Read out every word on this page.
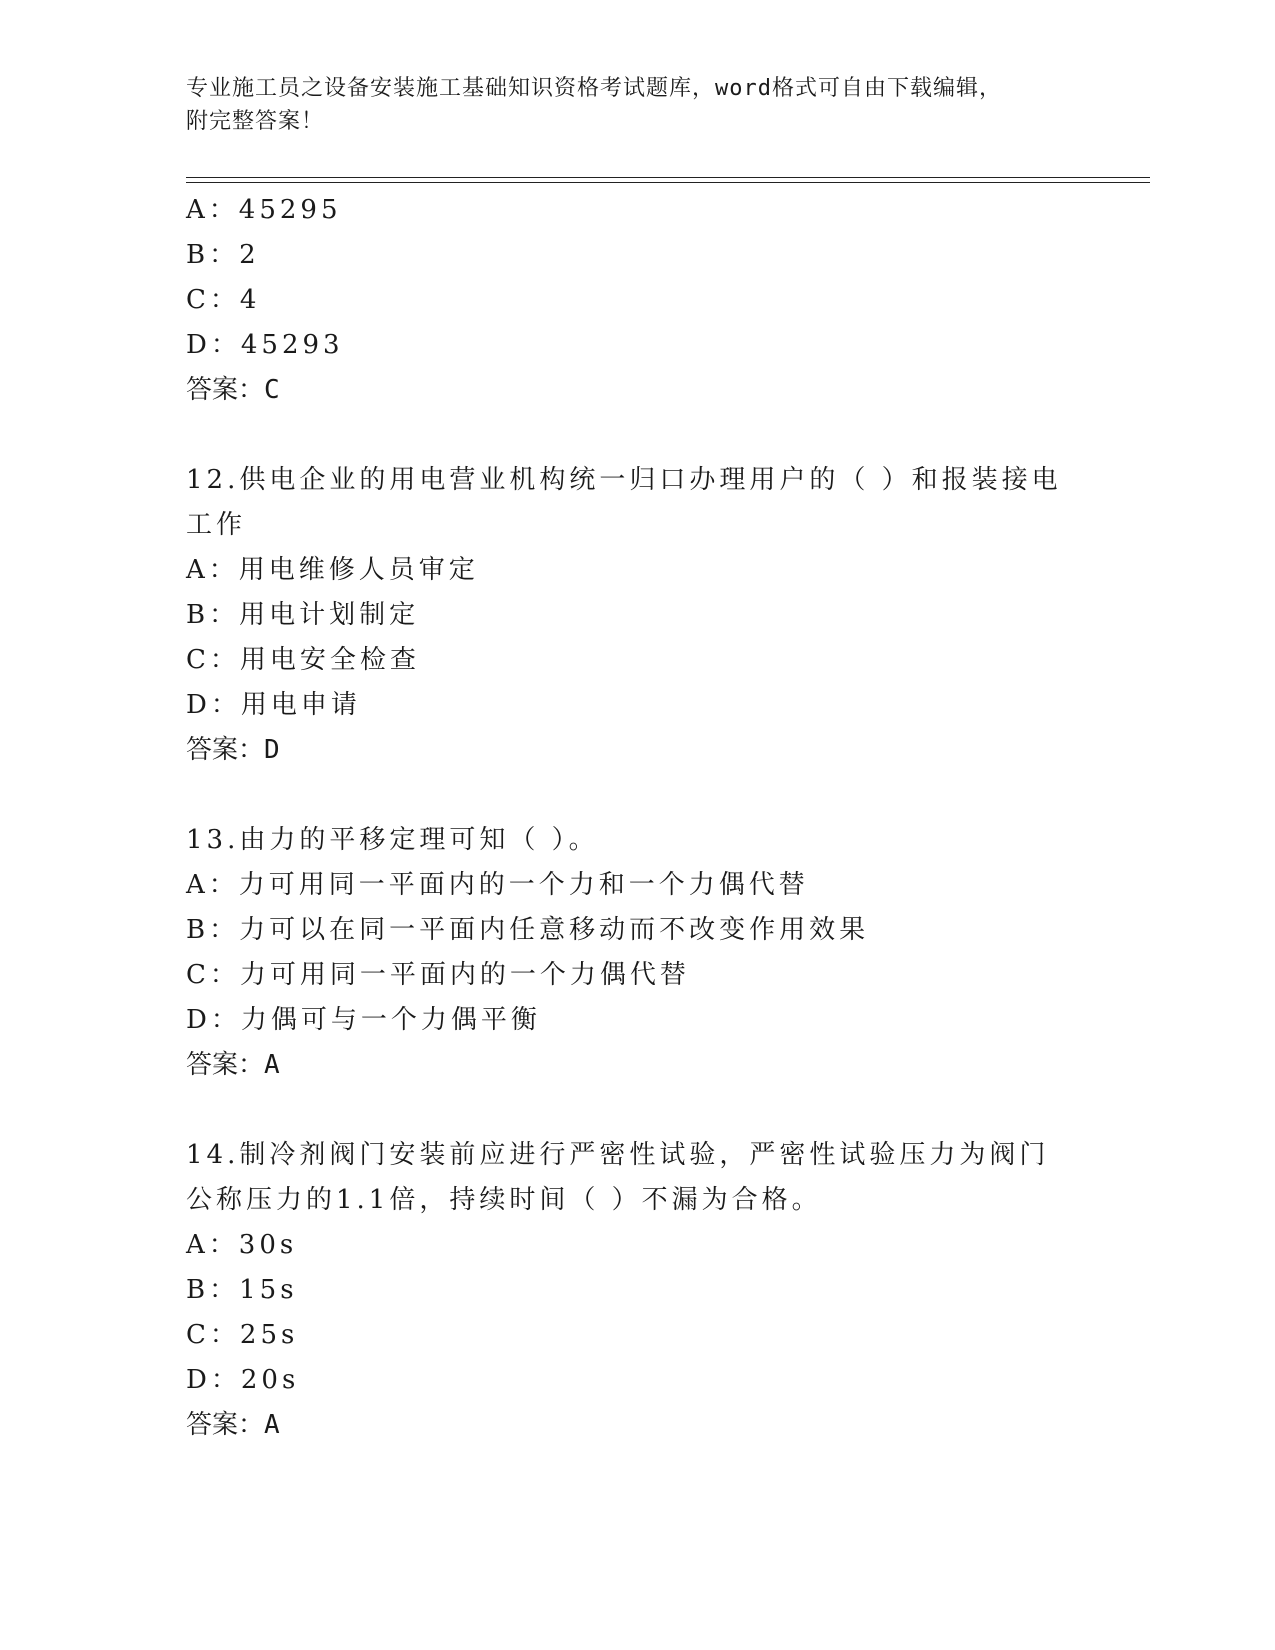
专业施工员之设备安装施工基础知识资格考试题库，word格式可自由下载编辑，
附完整答案！
A：45295
B：2
C：4
D：45293
答案：C
12.供电企业的用电营业机构统一归口办理用户的（ ）和报装接电工作
A：用电维修人员审定
B：用电计划制定
C：用电安全检查
D：用电申请
答案：D
13.由力的平移定理可知（ ）。
A：力可用同一平面内的一个力和一个力偶代替
B：力可以在同一平面内任意移动而不改变作用效果
C：力可用同一平面内的一个力偶代替
D：力偶可与一个力偶平衡
答案：A
14.制冷剂阀门安装前应进行严密性试验，严密性试验压力为阀门公称压力的1.1倍，持续时间（ ）不漏为合格。
A：30s
B：15s
C：25s
D：20s
答案：A
